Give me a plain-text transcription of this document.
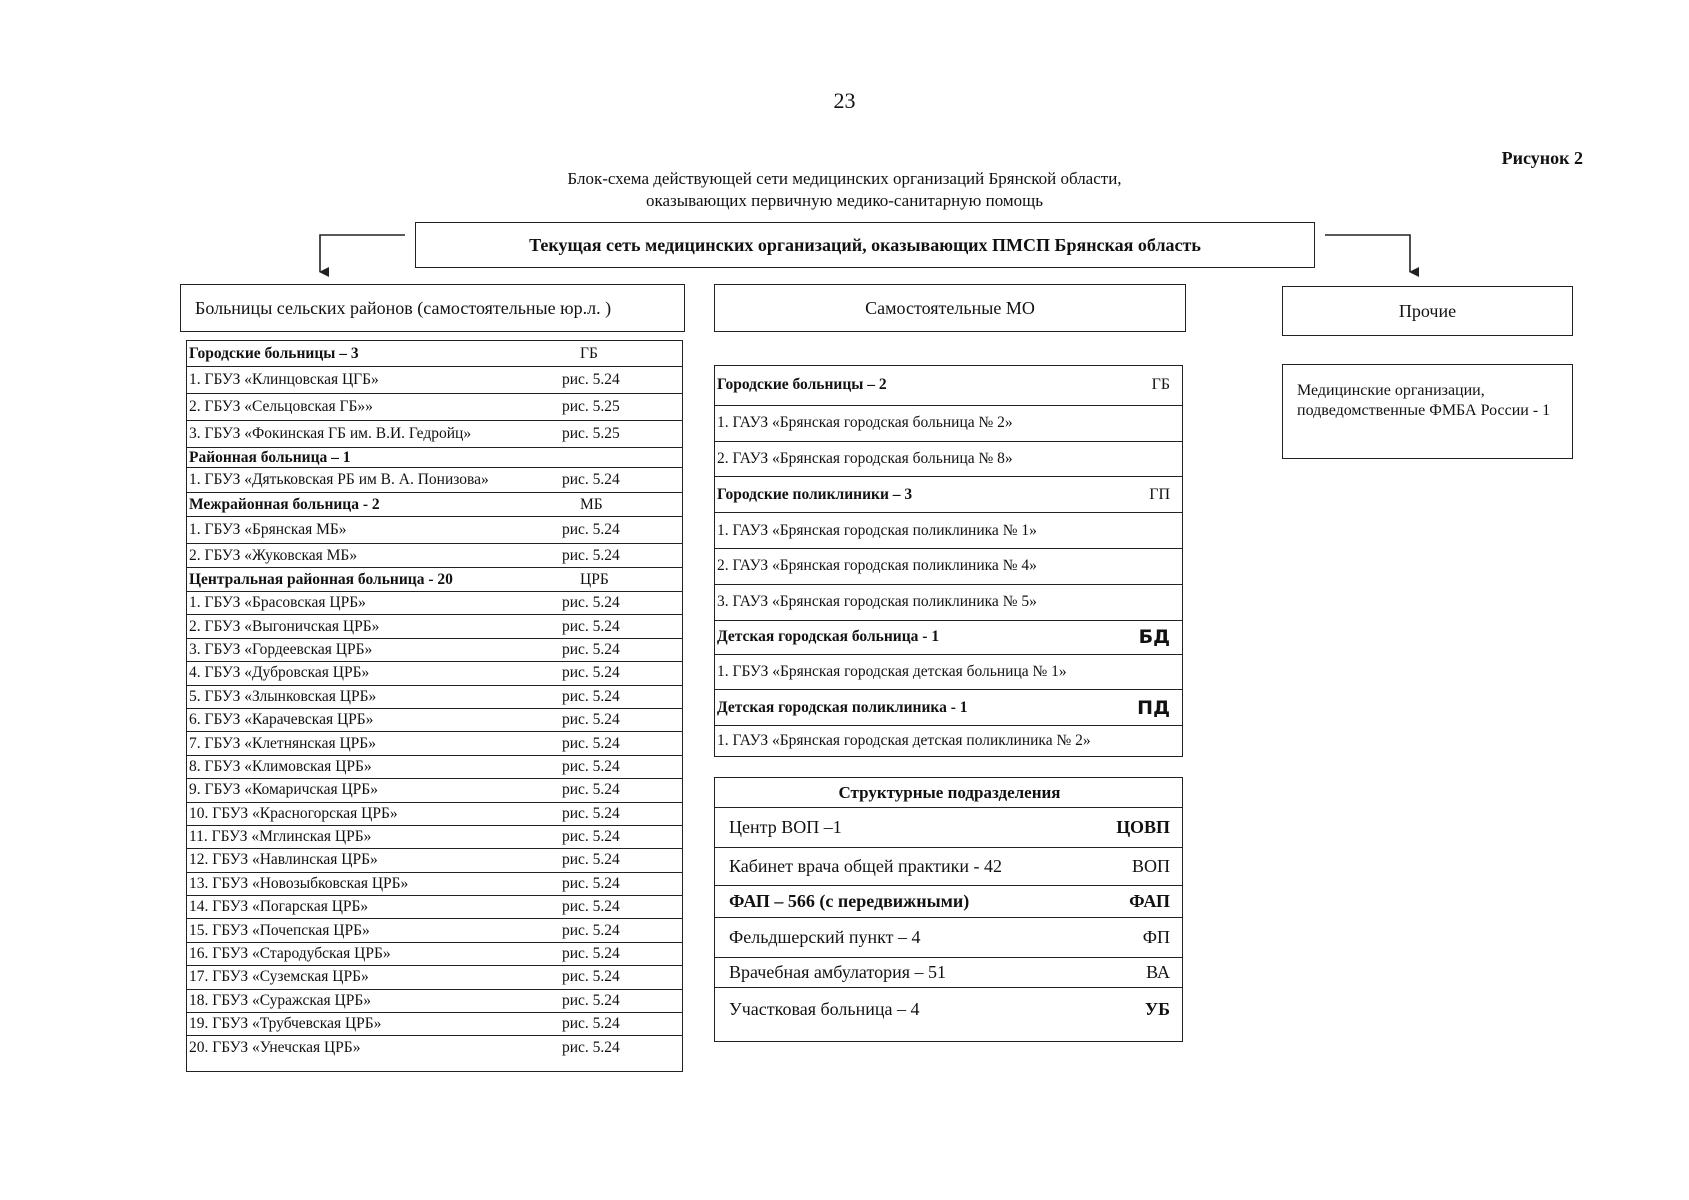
23
Рисунок 2
Блок-схема действующей сети медицинских организаций Брянской области,
оказывающих первичную медико-санитарную помощь
Текущая сеть медицинских организаций, оказывающих ПМСП Брянская область
Больницы сельских районов (самостоятельные юр.л. )
Городские больницы – 3	ГБ
1. ГБУЗ «Клинцовская ЦГБ»	рис. 5.24
2. ГБУЗ «Сельцовская ГБ»»	рис. 5.25
3. ГБУЗ «Фокинская ГБ им. В.И. Гедройц»	рис. 5.25
Районная больница – 1
1. ГБУЗ «Дятьковская РБ им В. А. Понизова»	рис. 5.24
Межрайонная больница - 2	МБ
1. ГБУЗ «Брянская МБ»	рис. 5.24
2. ГБУЗ «Жуковская МБ»	рис. 5.24
Центральная районная больница - 20	ЦРБ
1. ГБУЗ «Брасовская ЦРБ»	рис. 5.24
2. ГБУЗ «Выгоничская ЦРБ»	рис. 5.24
3. ГБУЗ «Гордеевская ЦРБ»	рис. 5.24
4. ГБУЗ «Дубровская ЦРБ»	рис. 5.24
5. ГБУЗ «Злынковская ЦРБ»	рис. 5.24
6. ГБУЗ «Карачевская ЦРБ»	рис. 5.24
7. ГБУЗ «Клетнянская ЦРБ»	рис. 5.24
8. ГБУЗ «Климовская ЦРБ»	рис. 5.24
9. ГБУЗ «Комаричская ЦРБ»	рис. 5.24
10. ГБУЗ «Красногорская ЦРБ»	рис. 5.24
11. ГБУЗ «Мглинская ЦРБ»	рис. 5.24
12. ГБУЗ «Навлинская ЦРБ»	рис. 5.24
13. ГБУЗ «Новозыбковская ЦРБ»	рис. 5.24
14. ГБУЗ «Погарская ЦРБ»	рис. 5.24
15. ГБУЗ «Почепская ЦРБ»	рис. 5.24
16. ГБУЗ «Стародубская ЦРБ»	рис. 5.24
17. ГБУЗ «Суземская ЦРБ»	рис. 5.24
18. ГБУЗ «Суражская ЦРБ»	рис. 5.24
19. ГБУЗ «Трубчевская ЦРБ»	рис. 5.24
20. ГБУЗ «Унечская ЦРБ»	рис. 5.24
Самостоятельные МО
Городские больницы – 2	ГБ
1. ГАУЗ «Брянская городская больница № 2»
2. ГАУЗ «Брянская городская больница № 8»
Городские поликлиники – 3	ГП
1. ГАУЗ «Брянская городская поликлиника № 1»
2. ГАУЗ «Брянская городская поликлиника № 4»
3. ГАУЗ «Брянская городская поликлиника № 5»
Детская городская больница - 1	БД
1. ГБУЗ «Брянская городская детская больница № 1»
Детская городская поликлиника - 1	ПД
1. ГАУЗ «Брянская городская детская поликлиника № 2»
Структурные подразделения
Центр ВОП –1	ЦОВП
Кабинет врача общей практики - 42	ВОП
ФАП – 566 (с передвижными)	ФАП
Фельдшерский пункт – 4	ФП
Врачебная амбулатория – 51	ВА
Участковая больница – 4	УБ
Прочие
Медицинские организации, подведомственные ФМБА России - 1
